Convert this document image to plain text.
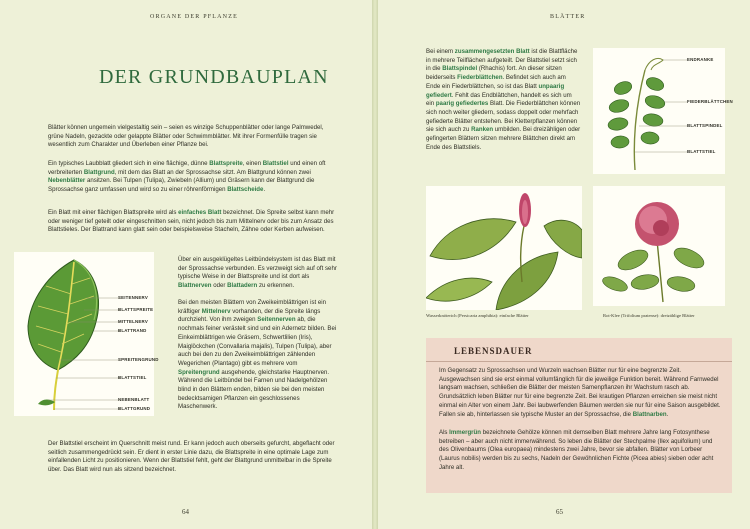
ORGANE DER PFLANZE
DER GRUNDBAUPLAN

Blätter können ungemein vielgestaltig sein – seien es winzige Schuppenblätter oder lange Palmwedel, grüne Nadeln, gezackte oder gelappte Blätter oder Schwimmblätter. Mit ihrer Formenfülle tragen sie wesentlich zum Charakter und Überleben einer Pflanze bei.

Ein typisches Laubblatt gliedert sich in eine flächige, dünne Blattspreite, einen Blattstiel und einen oft verbreiterten Blattgrund, mit dem das Blatt an der Sprossachse sitzt. Am Blattgrund können zwei Nebenblätter ansitzen. Bei Tulpen (Tulipa), Zwiebeln (Allium) und Gräsern kann der Blattgrund die Sprossachse ganz umfassen und wird so zu einer röhrenförmigen Blattscheide.

Ein Blatt mit einer flächigen Blattspreite wird als einfaches Blatt bezeichnet. Die Spreite selbst kann mehr oder weniger tief geteilt oder eingeschnitten sein, nicht jedoch bis zum Mittelnerv oder bis zum Ansatz des Blattstieles. Der Blattrand kann glatt sein oder beispielsweise Stacheln, Zähne oder Kerben aufweisen.

SEITENNERV
BLATTSPREITE
MITTELNERV
BLATTRAND
SPREITENGRUND
BLATTSTIEL
NEBENBLATT
BLATTGRUND

Über ein ausgeklügeltes Leitbündelsystem ist das Blatt mit der Sprossachse verbunden. Es verzweigt sich auf oft sehr typische Weise in der Blattspreite und ist dort als Blattnerven oder Blattadern zu erkennen.

Bei den meisten Blättern von Zweikeimblättrigen ist ein kräftiger Mittelnerv vorhanden, der die Spreite längs durchzieht. Von ihm zweigen Seitennerven ab, die nochmals feiner verästelt sind und ein Adernetz bilden. Bei Einkeimblättrigen wie Gräsern, Schwertlilien (Iris), Maiglöckchen (Convallaria majalis), Tulpen (Tulipa), aber auch bei den zu den Zweikeimblättrigen zählenden Wegerichen (Plantago) gibt es mehrere vom Spreitengrund ausgehende, gleichstarke Hauptnerven. Während die Leitbündel bei Farnen und Nadelgehölzen blind in den Blättern enden, bilden sie bei den meisten bedecktsamigen Pflanzen ein geschlossenes Maschenwerk.

Der Blattstiel erscheint im Querschnitt meist rund. Er kann jedoch auch oberseits gefurcht, abgeflacht oder seitlich zusammengedrückt sein. Er dient in erster Linie dazu, die Blattspreite in eine optimale Lage zum einfallenden Licht zu positionieren. Wenn der Blattstiel fehlt, geht der Blattgrund unmittelbar in die Spreite über. Das Blatt wird nun als sitzend bezeichnet.

64
BLÄTTER

Bei einem zusammengesetzten Blatt ist die Blattfläche in mehrere Teilflächen aufgeteilt. Der Blattstiel setzt sich in die Blattspindel (Rhachis) fort. An dieser sitzen beiderseits Fiederblättchen. Befindet sich auch am Ende ein Fiederblättchen, so ist das Blatt unpaarig gefiedert. Fehlt das Endblättchen, handelt es sich um ein paarig gefiedertes Blatt. Die Fiederblättchen können sich noch weiter gliedern, sodass doppelt oder mehrfach gefiederte Blätter entstehen. Bei Kletterpflanzen können sie sich auch zu Ranken umbilden. Bei dreizähligen oder gefingerten Blättern sitzen mehrere Blättchen direkt am Ende des Blattstiels.

ENDRANKE
FIEDERBLÄTTCHEN
BLATTSPINDEL
BLATTSTIEL
Wasserknöterich (Persicaria amphibia): einfache Blätter	Rot-Klee (Trifolium pratense): dreizählige Blätter
LEBENSDAUER

Im Gegensatz zu Sprossachsen und Wurzeln wachsen Blätter nur für eine begrenzte Zeit. Ausgewachsen sind sie erst einmal vollumfänglich für die jeweilige Funktion bereit. Während Farnwedel langsam wachsen, schließen die Blätter der meisten Samenpflanzen ihr Wachstum rasch ab. Grundsätzlich leben Blätter nur für eine begrenzte Zeit. Bei krautigen Pflanzen erreichen sie meist nicht einmal ein Alter von einem Jahr. Bei laubwerfenden Bäumen werden sie nur für eine Saison ausgebildet. Fallen sie ab, hinterlassen sie typische Muster an der Sprossachse, die Blattnarben.

Als Immergrün bezeichnete Gehölze können mit demselben Blatt mehrere Jahre lang Fotosynthese betreiben – aber auch nicht immerwährend. So leben die Blätter der Stechpalme (Ilex aquifolium) und des Olivenbaums (Olea europaea) mindestens zwei Jahre, bevor sie abfallen. Blätter von Lorbeer (Laurus nobilis) werden bis zu sechs, Nadeln der Gewöhnlichen Fichte (Picea abies) sieben oder acht Jahre alt.

65
